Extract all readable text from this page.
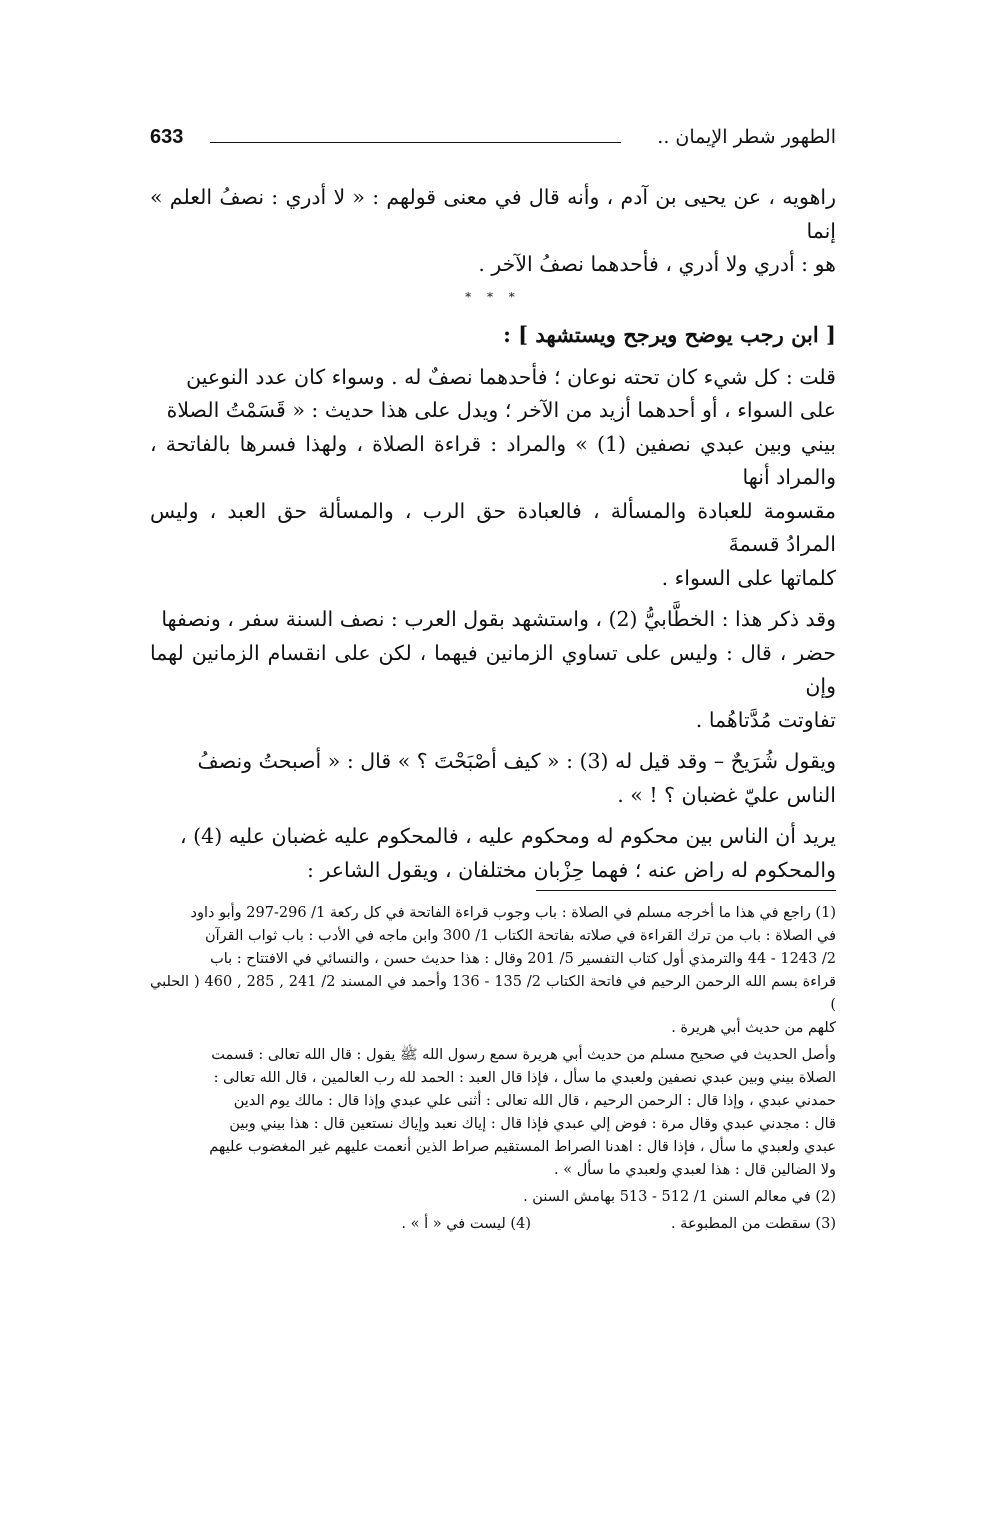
633	الطهور شطر الإيمان ..

راهويه ، عن يحيى بن آدم ، وأنه قال في معنى قولهم : « لا أدري : نصفُ العلم » إنما

هو : أدري ولا أدري ، فأحدهما نصفُ الآخر .

* * *

[ ابن رجب يوضح ويرجح ويستشهد ] :

قلت : كل شيء كان تحته نوعان ؛ فأحدهما نصفٌ له . وسواء كان عدد النوعين

على السواء ، أو أحدهما أزيد من الآخر ؛ ويدل على هذا حديث : « قَسَمْتُ الصلاة

بيني وبين عبدي نصفين (1) » والمراد : قراءة الصلاة ، ولهذا فسرها بالفاتحة ، والمراد أنها

مقسومة للعبادة والمسألة ، فالعبادة حق الرب ، والمسألة حق العبد ، وليس المرادُ قسمةَ

كلماتها على السواء .

وقد ذكر هذا : الخطَّابيُّ (2) ، واستشهد بقول العرب : نصف السنة سفر ، ونصفها

حضر ، قال : وليس على تساوي الزمانين فيهما ، لكن على انقسام الزمانين لهما وإن

تفاوتت مُدَّتاهُما .

ويقول شُرَيحٌ – وقد قيل له (3) : « كيف أصْبَحْتَ ؟ » قال : « أصبحتُ ونصفُ

الناس عليّ غضبان ؟ ! » .

يريد أن الناس بين محكوم له ومحكوم عليه ، فالمحكوم عليه غضبان عليه (4) ،

والمحكوم له راض عنه ؛ فهما حِزْبان مختلفان ، ويقول الشاعر :

(1) راجع في هذا ما أخرجه مسلم في الصلاة : باب وجوب قراءة الفاتحة في كل ركعة 1/ 296-297 وأبو داود

في الصلاة : باب من ترك القراءة في صلاته بفاتحة الكتاب 1/ 300 وابن ماجه في الأدب : باب ثواب القرآن

2/ 1243 - 44 والترمذي أول كتاب التفسير 5/ 201 وقال : هذا حديث حسن ، والنسائي في الافتتاح : باب

قراءة بسم الله الرحمن الرحيم في فاتحة الكتاب 2/ 135 - 136 وأحمد في المسند 2/ 241 , 285 , 460 ( الحلبي )

كلهم من حديث أبي هريرة .

وأصل الحديث في صحيح مسلم من حديث أبي هريرة سمع رسول الله ﷺ يقول : قال الله تعالى : قسمت

الصلاة بيني وبين عبدي نصفين ولعبدي ما سأل ، فإذا قال العبد : الحمد لله رب العالمين ، قال الله تعالى :

حمدني عبدي ، وإذا قال : الرحمن الرحيم ، قال الله تعالى : أثنى علي عبدي وإذا قال : مالك يوم الدين

قال : مجدني عبدي وقال مرة : فوض إلي عبدي فإذا قال : إياك نعبد وإياك نستعين قال : هذا بيني وبين

عبدي ولعبدي ما سأل ، فإذا قال : اهدنا الصراط المستقيم صراط الذين أنعمت عليهم غير المغضوب عليهم

ولا الضالين قال : هذا لعبدي ولعبدي ما سأل » .

(2) في معالم السنن 1/ 512 - 513 بهامش السنن .

(3) سقطت من المطبوعة .
(4) ليست في « أ » .
